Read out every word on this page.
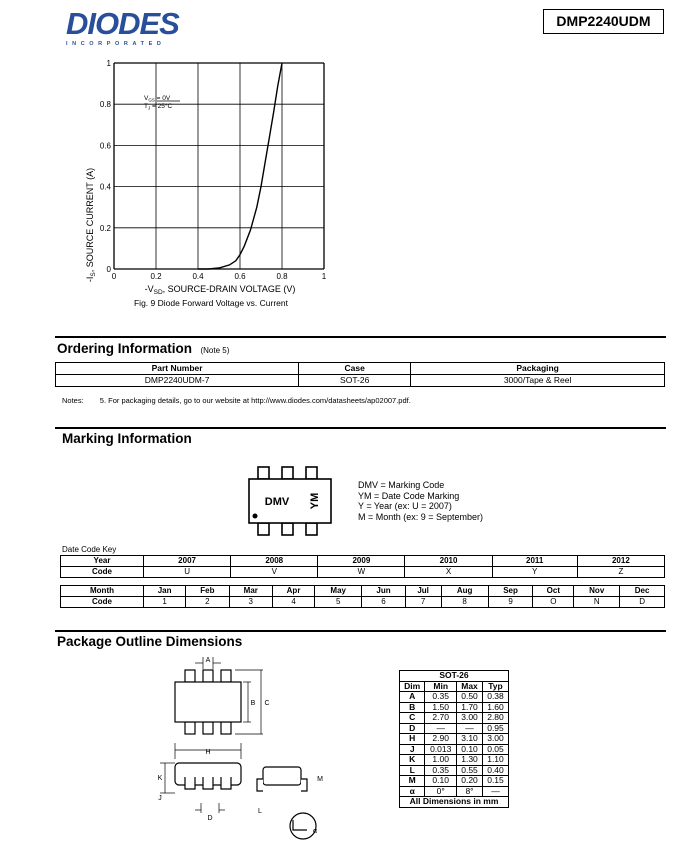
DIODES
INCORPORATED
DMP2240UDM
0
0
0.2
0.2
0.4
0.4
0.6
0.6
0.8
0.8
1
1
$V_{GS} = 0V$
$T_J = 25^\circ C$
$-I_S$, SOURCE CURRENT (A)
$-V_{SD}$, SOURCE-DRAIN VOLTAGE (V)
Fig. 9 Diode Forward Voltage vs. Current
Ordering Information (Note 5)
Part Number	Case	Packaging
DMP2240UDM-7	SOT-26	3000/Tape & Reel
Notes: 5. For packaging details, go to our website at http://www.diodes.com/datasheets/ap02007.pdf.
Marking Information
DMV YM
DMV = Marking Code
YM = Date Code Marking
Y = Year (ex: U = 2007)
M = Month (ex: 9 = September)
Date Code Key
Year	2007	2008	2009	2010	2011	2012
Code	U	V	W	X	Y	Z
Month	Jan	Feb	Mar	Apr	May	Jun	Jul	Aug	Sep	Oct	Nov	Dec
Code	1	2	3	4	5	6	7	8	9	O	N	D
Package Outline Dimensions
A
B C
H
K
J
D
L
M
α
SOT-26			
Dim	Min	Max	Typ
A	0.35	0.50	0.38
B	1.50	1.70	1.60
C	2.70	3.00	2.80
D	—	—	0.95
H	2.90	3.10	3.00
J	0.013	0.10	0.05
K	1.00	1.30	1.10
L	0.35	0.55	0.40
M	0.10	0.20	0.15
α	0°	8°	—
All Dimensions in mm			
